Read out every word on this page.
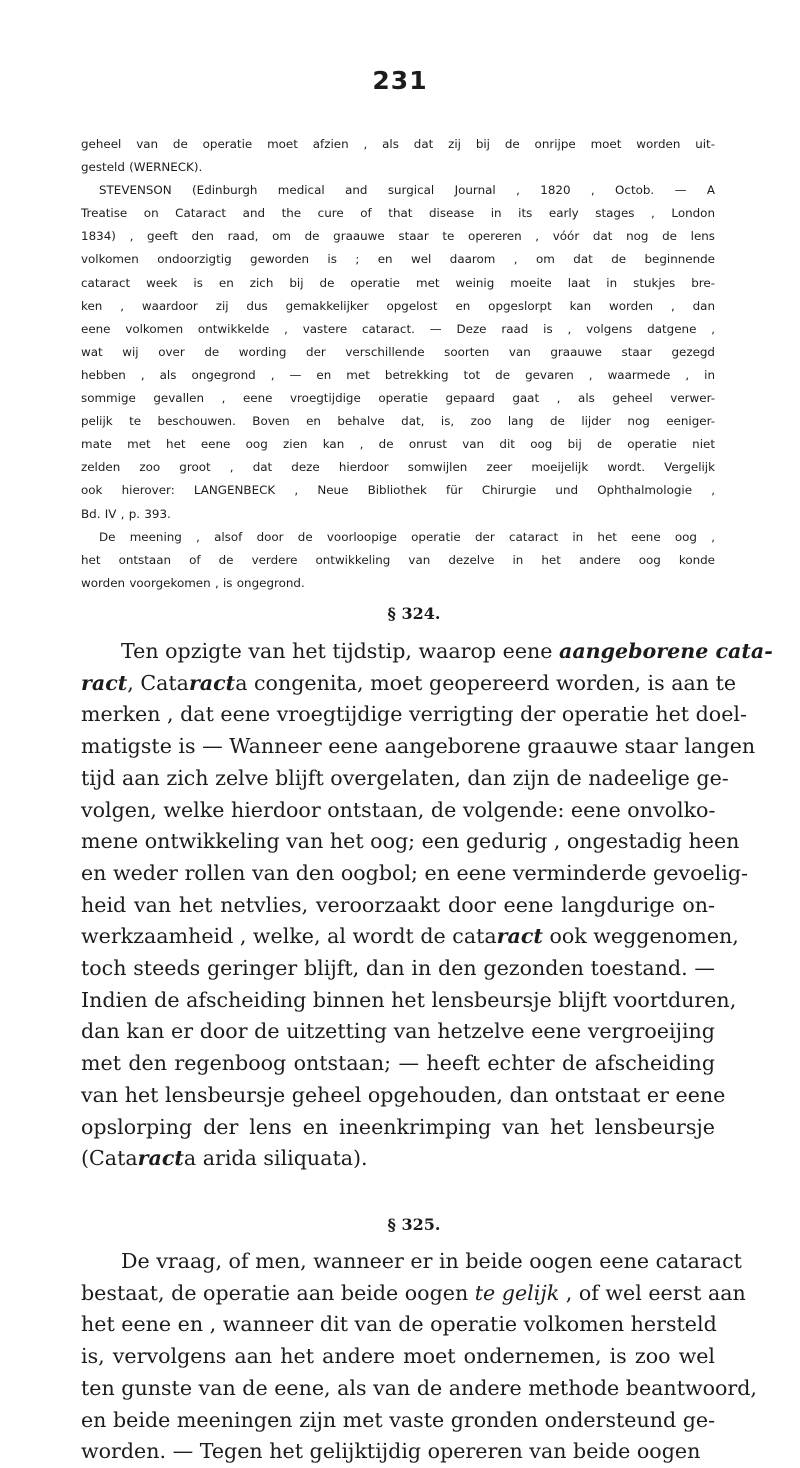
231
geheel van de operatie moet afzien , als dat zij bij de onrijpe moet worden uit-
gesteld (WERNECK).
STEVENSON (Edinburgh medical and surgical Journal , 1820 , Octob. — A
Treatise on Cataract and the cure of that disease in its early stages , London
1834) , geeft den raad, om de graauwe staar te opereren , vóór dat nog de lens
volkomen ondoorzigtig geworden is ; en wel daarom , om dat de beginnende
cataract week is en zich bij de operatie met weinig moeite laat in stukjes bre-
ken , waardoor zij dus gemakkelijker opgelost en opgeslorpt kan worden , dan
eene volkomen ontwikkelde , vastere cataract. — Deze raad is , volgens datgene ,
wat wij over de wording der verschillende soorten van graauwe staar gezegd
hebben , als ongegrond , — en met betrekking tot de gevaren , waarmede , in
sommige gevallen , eene vroegtijdige operatie gepaard gaat , als geheel verwer-
pelijk te beschouwen. Boven en behalve dat, is, zoo lang de lijder nog eeniger-
mate met het eene oog zien kan , de onrust van dit oog bij de operatie niet
zelden zoo groot , dat deze hierdoor somwijlen zeer moeijelijk wordt. Vergelijk
ook hierover: LANGENBECK , Neue Bibliothek für Chirurgie und Ophthalmologie ,
Bd. IV , p. 393.
De meening , alsof door de voorloopige operatie der cataract in het eene oog ,
het ontstaan of de verdere ontwikkeling van dezelve in het andere oog konde
worden voorgekomen , is ongegrond.
§ 324.
Ten opzigte van het tijdstip, waarop eene aangeborene cata-
ract, Cataracta congenita, moet geopereerd worden, is aan te
merken , dat eene vroegtijdige verrigting der operatie het doel-
matigste is — Wanneer eene aangeborene graauwe staar langen
tijd aan zich zelve blijft overgelaten, dan zijn de nadeelige ge-
volgen, welke hierdoor ontstaan, de volgende: eene onvolko-
mene ontwikkeling van het oog; een gedurig , ongestadig heen
en weder rollen van den oogbol; en eene verminderde gevoelig-
heid van het netvlies, veroorzaakt door eene langdurige on-
werkzaamheid , welke, al wordt de cataract ook weggenomen,
toch steeds geringer blijft, dan in den gezonden toestand. —
Indien de afscheiding binnen het lensbeursje blijft voortduren,
dan kan er door de uitzetting van hetzelve eene vergroeijing
met den regenboog ontstaan; — heeft echter de afscheiding
van het lensbeursje geheel opgehouden, dan ontstaat er eene
opslorping der lens en ineenkrimping van het lensbeursje
(Cataracta arida siliquata).
§ 325.
De vraag, of men, wanneer er in beide oogen eene cataract
bestaat, de operatie aan beide oogen te gelijk , of wel eerst aan
het eene en , wanneer dit van de operatie volkomen hersteld
is, vervolgens aan het andere moet ondernemen, is zoo wel
ten gunste van de eene, als van de andere methode beantwoord,
en beide meeningen zijn met vaste gronden ondersteund ge-
worden. — Tegen het gelijktijdig opereren van beide oogen
